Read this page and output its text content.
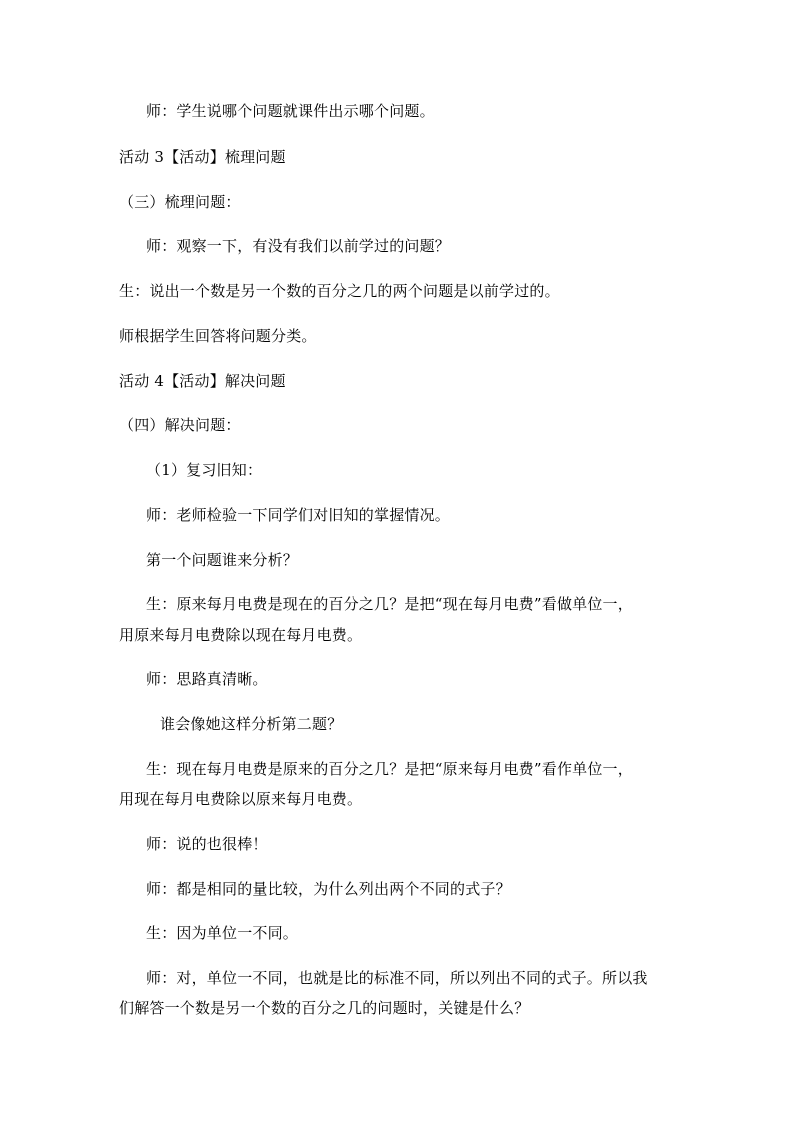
师：学生说哪个问题就课件出示哪个问题。
活动 3【活动】梳理问题
（三）梳理问题：
师：观察一下，有没有我们以前学过的问题？
生：说出一个数是另一个数的百分之几的两个问题是以前学过的。
师根据学生回答将问题分类。
活动 4【活动】解决问题
（四）解决问题：
（1）复习旧知：
师：老师检验一下同学们对旧知的掌握情况。
第一个问题谁来分析？
生：原来每月电费是现在的百分之几？是把“现在每月电费”看做单位一，
用原来每月电费除以现在每月电费。
师：思路真清晰。
谁会像她这样分析第二题？
生：现在每月电费是原来的百分之几？是把“原来每月电费”看作单位一，
用现在每月电费除以原来每月电费。
师：说的也很棒！
师：都是相同的量比较，为什么列出两个不同的式子？
生：因为单位一不同。
师：对，单位一不同，也就是比的标准不同，所以列出不同的式子。所以我
们解答一个数是另一个数的百分之几的问题时，关键是什么？
